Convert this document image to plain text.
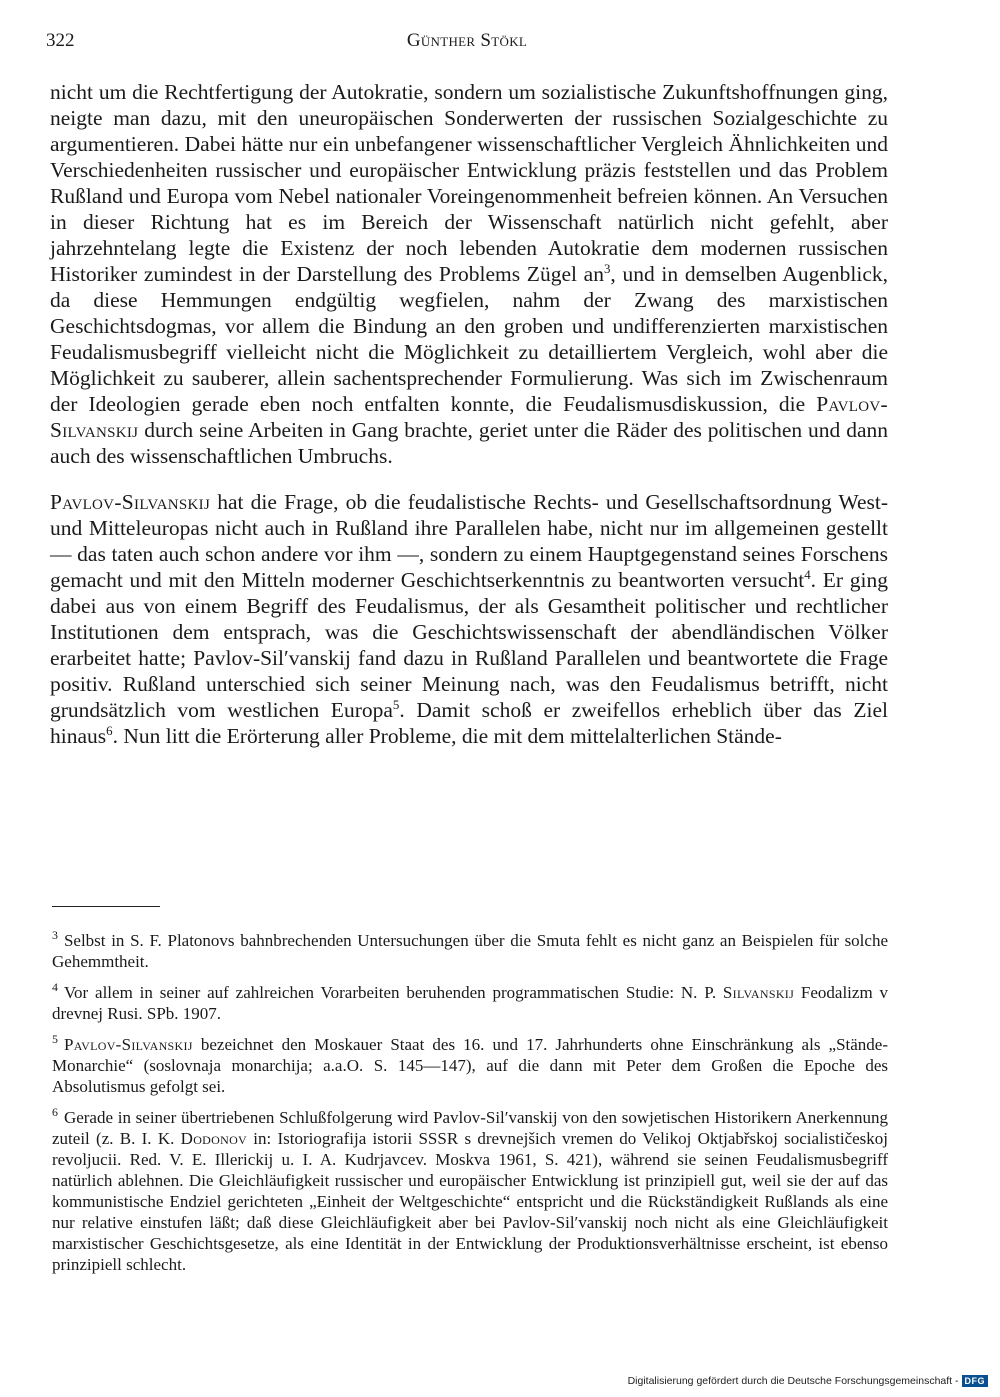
322	Günther Stökl

nicht um die Rechtfertigung der Autokratie, sondern um sozialistische Zukunftshoffnungen ging, neigte man dazu, mit den uneuropäischen Sonderwerten der russischen Sozialgeschichte zu argumentieren. Dabei hätte nur ein unbefangener wissenschaftlicher Vergleich Ähnlichkeiten und Verschiedenheiten russischer und europäischer Entwicklung präzis feststellen und das Problem Rußland und Europa vom Nebel nationaler Voreingenommenheit befreien können. An Versuchen in dieser Richtung hat es im Bereich der Wissenschaft natürlich nicht gefehlt, aber jahrzehntelang legte die Existenz der noch lebenden Autokratie dem modernen russischen Historiker zumindest in der Darstellung des Problems Zügel $an^3$, und in demselben Augenblick, da diese Hemmungen endgültig wegfielen, nahm der Zwang des marxistischen Geschichtsdogmas, vor allem die Bindung an den groben und undifferenzierten marxistischen Feudalismusbegriff vielleicht nicht die Möglichkeit zu detailliertem Vergleich, wohl aber die Möglichkeit zu sauberer, allein sachentsprechender Formulierung. Was sich im Zwischenraum der Ideologien gerade eben noch entfalten konnte, die Feudalismusdiskussion, die Pavlov-Silvanskij durch seine Arbeiten in Gang brachte, geriet unter die Räder des politischen und dann auch des wissenschaftlichen Umbruchs.

Pavlov-Silvanskij hat die Frage, ob die feudalistische Rechts- und Gesellschaftsordnung West- und Mitteleuropas nicht auch in Rußland ihre Parallelen habe, nicht nur im allgemeinen gestellt — das taten auch schon andere vor ihm —, sondern zu einem Hauptgegenstand seines Forschens gemacht und mit den Mitteln moderner Geschichtserkenntnis zu beantworten versucht$^4$. Er ging dabei aus von einem Begriff des Feudalismus, der als Gesamtheit politischer und rechtlicher Institutionen dem entsprach, was die Geschichtswissenschaft der abendländischen Völker erarbeitet hatte; Pavlov-Silʹvanskij fand dazu in Rußland Parallelen und beantwortete die Frage positiv. Rußland unterschied sich seiner Meinung nach, was den Feudalismus betrifft, nicht grundsätzlich vom westlichen Europa$^5$. Damit schoß er zweifellos erheblich über das Ziel hinaus$^6$. Nun litt die Erörterung aller Probleme, die mit dem mittelalterlichen Stände-

$^3$ Selbst in S. F. Platonovs bahnbrechenden Untersuchungen über die Smuta fehlt es nicht ganz an Beispielen für solche Gehemmtheit.

$^4$ Vor allem in seiner auf zahlreichen Vorarbeiten beruhenden programmatischen Studie: N. P. Silvanskij Feodalizm v drevnej Rusi. SPb. 1907.

$^5$ Pavlov-Silvanskij bezeichnet den Moskauer Staat des 16. und 17. Jahrhunderts ohne Einschränkung als „Stände-Monarchie“ (soslovnaja monarchija; a.a.O. S. 145—147), auf die dann mit Peter dem Großen die Epoche des Absolutismus gefolgt sei.

$^6$ Gerade in seiner übertriebenen Schlußfolgerung wird Pavlov-Silʹvanskij von den sowjetischen Historikern Anerkennung zuteil (z. B. I. K. Dodonov in: Istoriografija istorii SSSR s drevnejšich vremen do Velikoj Oktjabřskoj socialističeskoj revoljucii. Red. V. E. Illerickij u. I. A. Kudrjavcev. Moskva 1961, S. 421), während sie seinen Feudalismusbegriff natürlich ablehnen. Die Gleichläufigkeit russischer und europäischer Entwicklung ist prinzipiell gut, weil sie der auf das kommunistische Endziel gerichteten „Einheit der Weltgeschichte“ entspricht und die Rückständigkeit Rußlands als eine nur relative einstufen läßt; daß diese Gleichläufigkeit aber bei Pavlov-Silʹvanskij noch nicht als eine Gleichläufigkeit marxistischer Geschichtsgesetze, als eine Identität in der Entwicklung der Produktionsverhältnisse erscheint, ist ebenso prinzipiell schlecht.

Digitalisierung gefördert durch die Deutsche Forschungsgemeinschaft - DFG
